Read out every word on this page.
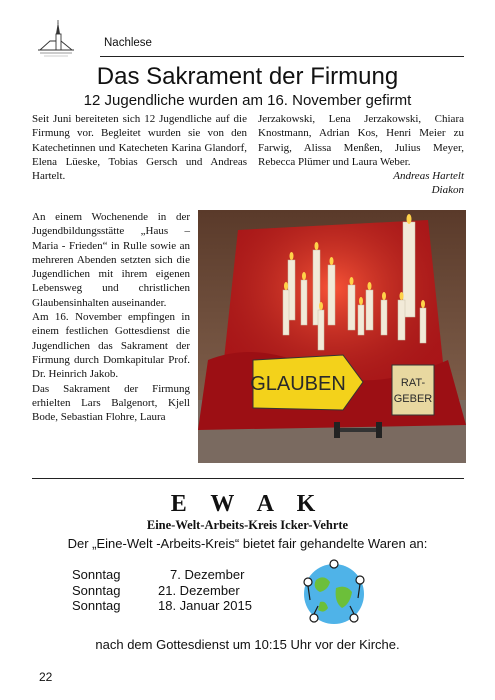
Nachlese
Das Sakrament der Firmung
12 Jugendliche wurden am 16. November gefirmt

Seit Juni bereiteten sich 12 Jugendliche auf die Firmung vor. Begleitet wurden sie von den Katechetinnen und Katecheten Karina Glandorf, Elena Lüeske, Tobias Gersch und Andreas Hartelt.

An einem Wochenende in der Jugendbildungsstätte „Haus – Maria - Frieden“ in Rulle sowie an mehreren Abenden setzten sich die Jugendlichen mit ihrem eigenen Lebensweg und christlichen Glaubensinhalten auseinander.

Am 16. November empfingen in einem festlichen Gottesdienst die Jugendlichen das Sakrament der Firmung durch Domkapitular Prof. Dr. Heinrich Jakob.

Das Sakrament der Firmung erhielten Lars Balgenort, Kjell Bode, Sebastian Flohre, Laura

Jerzakowski, Lena Jerzakowski, Chiara Knostmann, Adrian Kos, Henri Meier zu Farwig, Alissa Menßen, Julius Meyer, Rebecca Plümer und Laura Weber.

Andreas Hartelt

Diakon

GLAUBEN	RAT-
GEBER
E W A K
Eine-Welt-Arbeits-Kreis Icker-Vehrte
Der „Eine-Welt -Arbeits-Kreis“ bietet fair gehandelte Waren an:
Sonntag	7. Dezember
Sonntag	21. Dezember
Sonntag	18. Januar 2015
nach dem Gottesdienst um 10:15 Uhr vor der Kirche.
22
